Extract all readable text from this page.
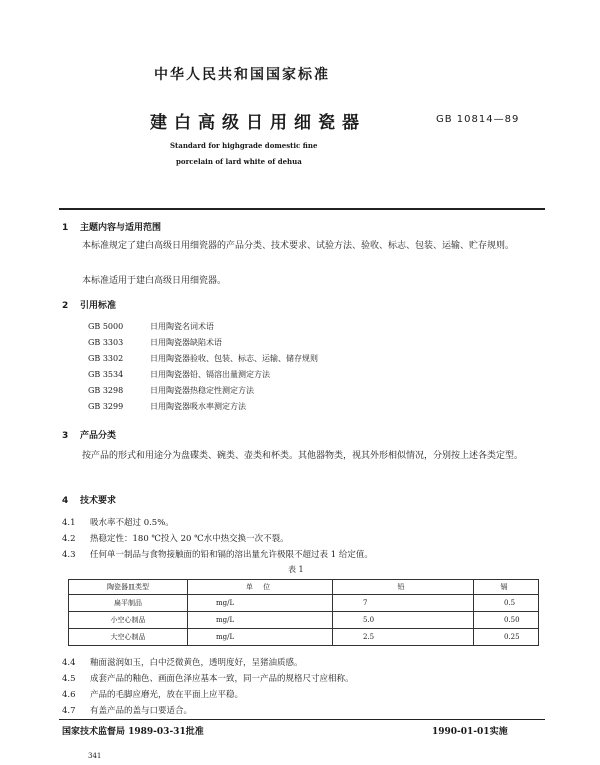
中华人民共和国国家标准
建白高级日用细瓷器	GB 10814—89
Standard for highgrade domestic fine
porcelain of lard white of dehua
1 主题内容与适用范围
本标准规定了建白高级日用细瓷器的产品分类、技术要求、试验方法、验收、标志、包装、运输、贮存规则。
本标准适用于建白高级日用细瓷器。
2 引用标准
GB 5000	日用陶瓷名词术语
GB 3303	日用陶瓷器缺陷术语
GB 3302	日用陶瓷器验收、包装、标志、运输、储存规则
GB 3534	日用陶瓷器铅、镉溶出量测定方法
GB 3298	日用陶瓷器热稳定性测定方法
GB 3299	日用陶瓷器吸水率测定方法
3 产品分类
按产品的形式和用途分为盘碟类、碗类、壶类和杯类。其他器物类，视其外形相似情况，分别按上述各类定型。
4 技术要求
4.1 吸水率不超过 0.5%。
4.2 热稳定性：180 ℃投入 20 ℃水中热交换一次不裂。
4.3 任何单一制品与食物接触面的铅和镉的溶出量允许极限不超过表 1 给定值。
表 1
陶瓷器皿类型	单 位	铅	镉
扁平制品	mg/L	7	0.5
小空心制品	mg/L	5.0	0.50
大空心制品	mg/L	2.5	0.25
4.4 釉面滋润如玉，白中泛微黄色，透明度好，呈猪油质感。
4.5 成套产品的釉色、画面色泽应基本一致，同一产品的规格尺寸应相称。
4.6 产品的毛脚应磨光，放在平面上应平稳。
4.7 有盖产品的盖与口要适合。
国家技术监督局 1989-03-31批准	1990-01-01实施
341
